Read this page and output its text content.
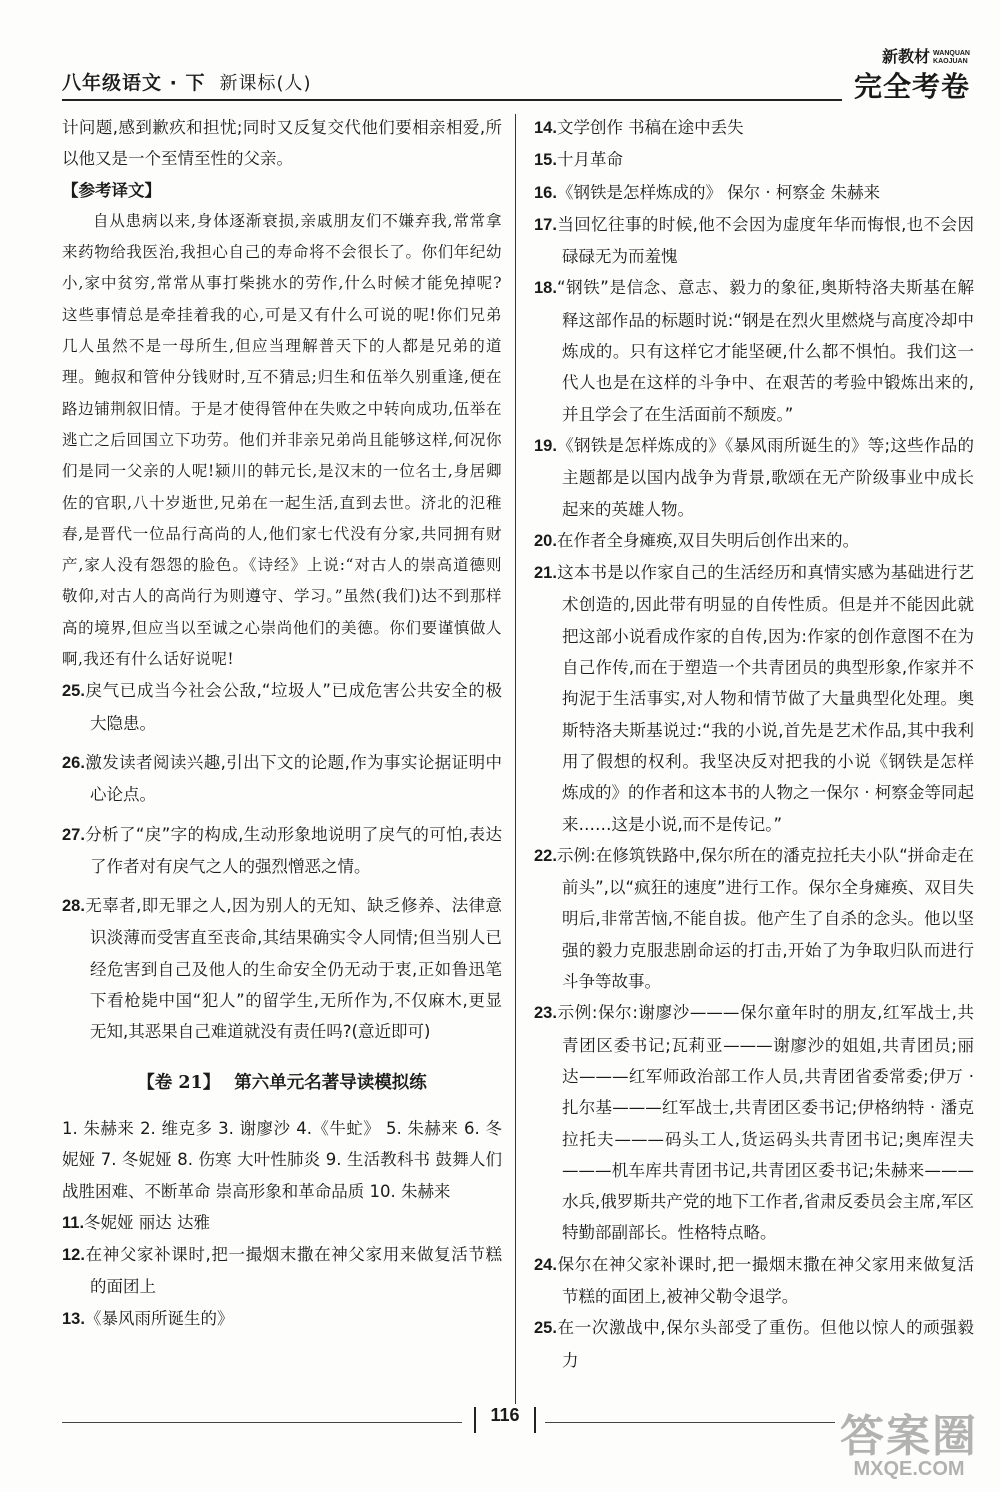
八年级语文 · 下 新课标(人)
新教材 WANQUAN
KAOJUAN
完全考卷

计问题,感到歉疚和担忧;同时又反复交代他们要相亲相爱,所以他又是一个至情至性的父亲。

【参考译文】

自从患病以来,身体逐渐衰损,亲戚朋友们不嫌弃我,常常拿来药物给我医治,我担心自己的寿命将不会很长了。你们年纪幼小,家中贫穷,常常从事打柴挑水的劳作,什么时候才能免掉呢?这些事情总是牵挂着我的心,可是又有什么可说的呢!你们兄弟几人虽然不是一母所生,但应当理解普天下的人都是兄弟的道理。鲍叔和管仲分钱财时,互不猜忌;归生和伍举久别重逢,便在路边铺荆叙旧情。于是才使得管仲在失败之中转向成功,伍举在逃亡之后回国立下功劳。他们并非亲兄弟尚且能够这样,何况你们是同一父亲的人呢!颍川的韩元长,是汉末的一位名士,身居卿佐的官职,八十岁逝世,兄弟在一起生活,直到去世。济北的氾稚春,是晋代一位品行高尚的人,他们家七代没有分家,共同拥有财产,家人没有怨怨的脸色。《诗经》上说:“对古人的崇高道德则敬仰,对古人的高尚行为则遵守、学习。”虽然(我们)达不到那样高的境界,但应当以至诚之心崇尚他们的美德。你们要谨慎做人啊,我还有什么话好说呢!

25.戾气已成当今社会公敌,“垃圾人”已成危害公共安全的极大隐患。

26.激发读者阅读兴趣,引出下文的论题,作为事实论据证明中心论点。

27.分析了“戾”字的构成,生动形象地说明了戾气的可怕,表达了作者对有戾气之人的强烈憎恶之情。

28.无辜者,即无罪之人,因为别人的无知、缺乏修养、法律意识淡薄而受害直至丧命,其结果确实令人同情;但当别人已经危害到自己及他人的生命安全仍无动于衷,正如鲁迅笔下看枪毙中国“犯人”的留学生,无所作为,不仅麻木,更显无知,其恶果自己难道就没有责任吗?(意近即可)

【卷 21】 第六单元名著导读模拟练

1. 朱赫来 2. 维克多 3. 谢廖沙 4.《牛虻》 5. 朱赫来 6. 冬妮娅 7. 冬妮娅 8. 伤寒 大叶性肺炎 9. 生活教科书 鼓舞人们战胜困难、不断革命 崇高形象和革命品质 10. 朱赫来

11.冬妮娅 丽达 达雅

12.在神父家补课时,把一撮烟末撒在神父家用来做复活节糕的面团上

13.《暴风雨所诞生的》

14.文学创作 书稿在途中丢失

15.十月革命

16.《钢铁是怎样炼成的》 保尔 · 柯察金 朱赫来

17.当回忆往事的时候,他不会因为虚度年华而悔恨,也不会因碌碌无为而羞愧

18.“钢铁”是信念、意志、毅力的象征,奥斯特洛夫斯基在解释这部作品的标题时说:“钢是在烈火里燃烧与高度冷却中炼成的。只有这样它才能坚硬,什么都不惧怕。我们这一代人也是在这样的斗争中、在艰苦的考验中锻炼出来的,并且学会了在生活面前不颓废。”

19.《钢铁是怎样炼成的》《暴风雨所诞生的》等;这些作品的主题都是以国内战争为背景,歌颂在无产阶级事业中成长起来的英雄人物。

20.在作者全身瘫痪,双目失明后创作出来的。

21.这本书是以作家自己的生活经历和真情实感为基础进行艺术创造的,因此带有明显的自传性质。但是并不能因此就把这部小说看成作家的自传,因为:作家的创作意图不在为自己作传,而在于塑造一个共青团员的典型形象,作家并不拘泥于生活事实,对人物和情节做了大量典型化处理。奥斯特洛夫斯基说过:“我的小说,首先是艺术作品,其中我利用了假想的权利。我坚决反对把我的小说《钢铁是怎样炼成的》的作者和这本书的人物之一保尔 · 柯察金等同起来……这是小说,而不是传记。”

22.示例:在修筑铁路中,保尔所在的潘克拉托夫小队“拼命走在前头”,以“疯狂的速度”进行工作。保尔全身瘫痪、双目失明后,非常苦恼,不能自拔。他产生了自杀的念头。他以坚强的毅力克服悲剧命运的打击,开始了为争取归队而进行斗争等故事。

23.示例:保尔:谢廖沙———保尔童年时的朋友,红军战士,共青团区委书记;瓦莉亚———谢廖沙的姐姐,共青团员;丽达———红军师政治部工作人员,共青团省委常委;伊万 · 扎尔基———红军战士,共青团区委书记;伊格纳特 · 潘克拉托夫———码头工人,货运码头共青团书记;奥库涅夫———机车库共青团书记,共青团区委书记;朱赫来———水兵,俄罗斯共产党的地下工作者,省肃反委员会主席,军区特勤部副部长。性格特点略。

24.保尔在神父家补课时,把一撮烟末撒在神父家用来做复活节糕的面团上,被神父勒令退学。

25.在一次激战中,保尔头部受了重伤。但他以惊人的顽强毅力

116	答案圈
MXQE.COM
